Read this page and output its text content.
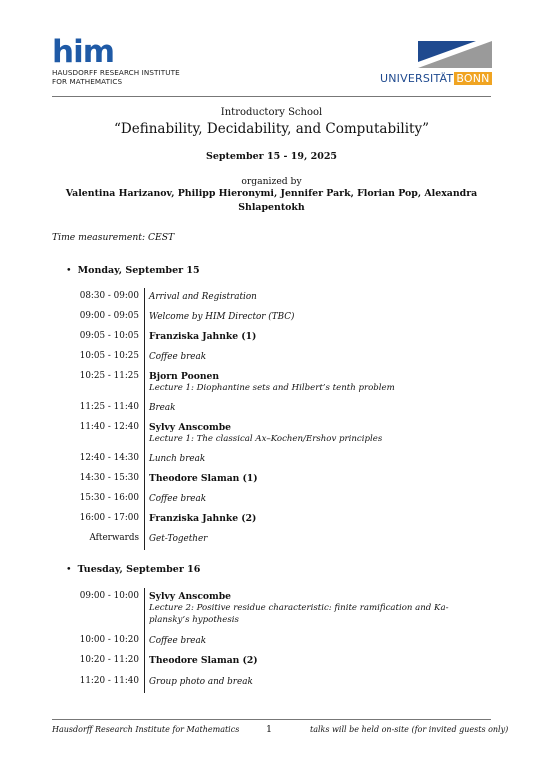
him
HAUSDORFF RESEARCH INSTITUTE
FOR MATHEMATICS	UNIVERSITÄT BONN
Introductory School
“Definability, Decidability, and Computability”
September 15 - 19, 2025
organized by
Valentina Harizanov, Philipp Hieronymi, Jennifer Park, Florian Pop, Alexandra Shlapentokh
Time measurement: CEST
• Monday, September 15
08:30 - 09:00 Arrival and Registration
09:00 - 09:05 Welcome by HIM Director (TBC)
09:05 - 10:05 Franziska Jahnke (1)
10:05 - 10:25 Coffee break
10:25 - 11:25 Bjorn Poonen
Lecture 1: Diophantine sets and Hilbert’s tenth problem
11:25 - 11:40 Break
11:40 - 12:40 Sylvy Anscombe
Lecture 1: The classical Ax–Kochen/Ershov principles
12:40 - 14:30 Lunch break
14:30 - 15:30 Theodore Slaman (1)
15:30 - 16:00 Coffee break
16:00 - 17:00 Franziska Jahnke (2)
Afterwards Get-Together
• Tuesday, September 16
09:00 - 10:00 Sylvy Anscombe
Lecture 2: Positive residue characteristic: finite ramification and Ka-
plansky’s hypothesis
10:00 - 10:20 Coffee break
10:20 - 11:20 Theodore Slaman (2)
11:20 - 11:40 Group photo and break
Hausdorff Research Institute for Mathematics	1	talks will be held on-site (for invited guests only)
